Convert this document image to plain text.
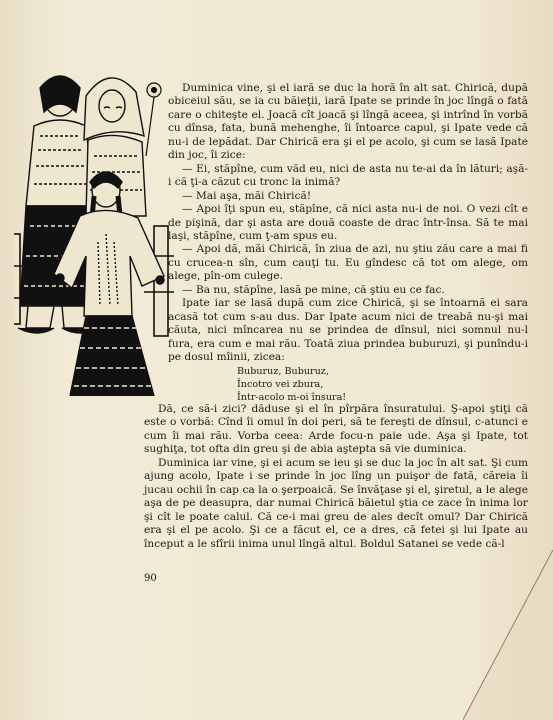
Duminica vine, şi el iară se duc la horă în alt sat. Chirică, după obiceiul său, se ia cu băieţii, iară Ipate se prinde în joc lîngă o fată care o chiteşte el. Joacă cît joacă şi lîngă aceea, şi intrînd în vorbă cu dînsa, fata, bună mehenghe, îi întoarce capul, şi Ipate vede că nu-i de lepădat. Dar Chirică era şi el pe acolo, şi cum se lasă Ipate din joc, îi zice:

— Ei, stăpîne, cum văd eu, nici de asta nu te-ai da în lături; aşă-i că ţi-a căzut cu tronc la inimă?

— Mai aşa, măi Chirică!

— Apoi îţi spun eu, stăpîne, că nici asta nu-i de noi. O vezi cît e de pişină, dar şi asta are două coaste de drac într-însa. Să te mai laşi, stăpîne, cum ţ-am spus eu.

— Apoi dă, măi Chirică, în ziua de azi, nu ştiu zău care a mai fi cu crucea-n sîn, cum cauţi tu. Eu gîndesc că tot om alege, om alege, pîn-om culege.

— Ba nu, stăpîne, lasă pe mine, că ştiu eu ce fac.

Ipate iar se lasă după cum zice Chirică, şi se întoarnă ei sara acasă tot cum s-au dus. Dar Ipate acum nici de treabă nu-şi mai căuta, nici mîncarea nu se prindea de dînsul, nici somnul nu-l fura, era cum e mai rău. Toată ziua prindea buburuzi, şi punîndu-i pe dosul mîinii, zicea:

Buburuz, Buburuz,
Încotro vei zbura,
Într-acolo m-oi însura!

Dă, ce să-i zici? dăduse şi el în pîrpăra însuratului. Ş-apoi ştiţi că este o vorbă: Cînd îi omul în doi peri, să te fereşti de dînsul, c-atunci e cum îi mai rău. Vorba ceea: Arde focu-n paie ude. Aşa şi Ipate, tot sughiţa, tot ofta din greu şi de abia aştepta să vie duminica.

Duminica iar vine, şi ei acum se ieu şi se duc la joc în alt sat. Şi cum ajung acolo, Ipate i se prinde în joc lîng un puişor de fată, căreia îi jucau ochii în cap ca la o şerpoaică. Se învăţase şi el, şiretul, a le alege aşa de pe deasupra, dar numai Chirică băietul ştia ce zace în inima lor şi cît le poate calul. Că ce-i mai greu de ales decît omul? Dar Chirică era şi el pe acolo. Şi ce a făcut el, ce a dres, că fetei şi lui Ipate au început a le sfîrii inima unul lîngă altul. Boldul Satanei se vede că-l

90
